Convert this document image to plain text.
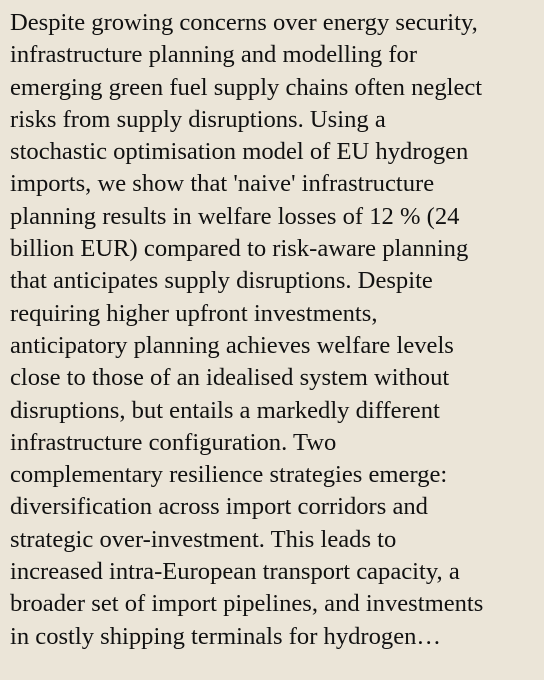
Despite growing concerns over energy security,
infrastructure planning and modelling for
emerging green fuel supply chains often neglect
risks from supply disruptions. Using a
stochastic optimisation model of EU hydrogen
imports, we show that 'naive' infrastructure
planning results in welfare losses of 12 % (24
billion EUR) compared to risk-aware planning
that anticipates supply disruptions. Despite
requiring higher upfront investments,
anticipatory planning achieves welfare levels
close to those of an idealised system without
disruptions, but entails a markedly different
infrastructure configuration. Two
complementary resilience strategies emerge:
diversification across import corridors and
strategic over-investment. This leads to
increased intra-European transport capacity, a
broader set of import pipelines, and investments
in costly shipping terminals for hydrogen…
